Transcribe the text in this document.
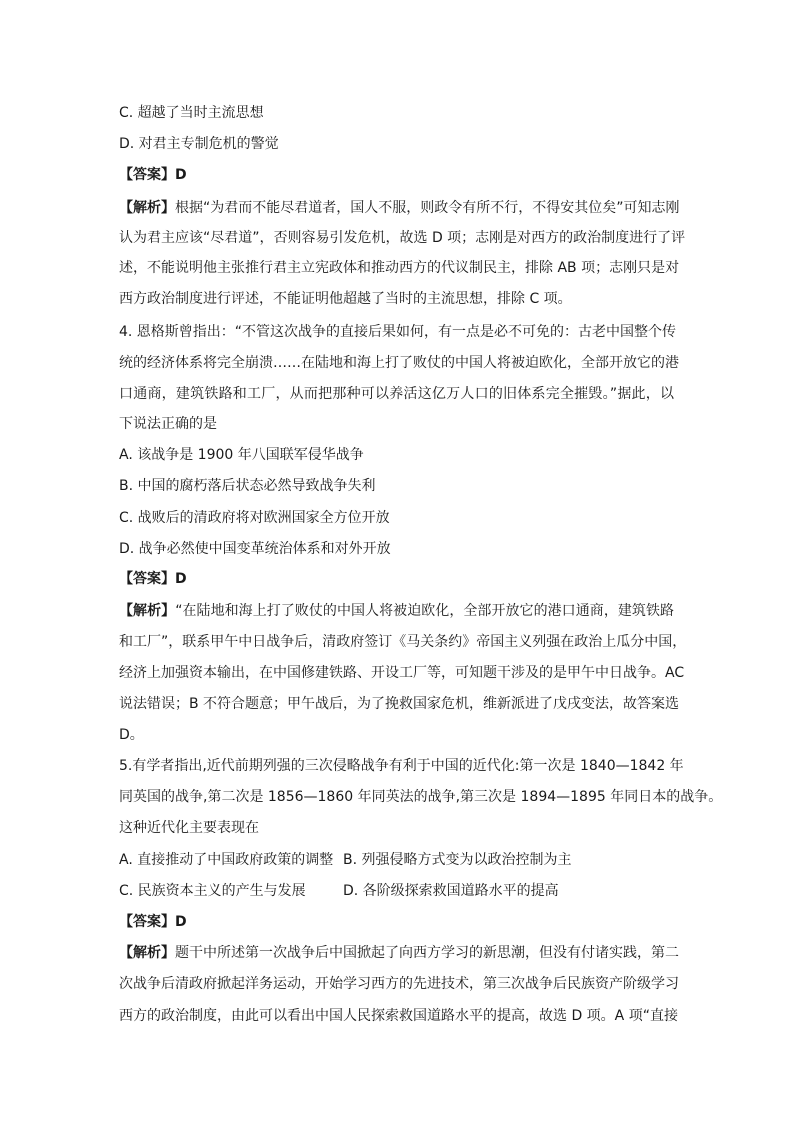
C. 超越了当时主流思想
D. 对君主专制危机的警觉
【答案】D
【解析】根据“为君而不能尽君道者，国人不服，则政令有所不行，不得安其位矣”可知志刚
认为君主应该“尽君道”，否则容易引发危机，故选 D 项；志刚是对西方的政治制度进行了评
述，不能说明他主张推行君主立宪政体和推动西方的代议制民主，排除 AB 项；志刚只是对
西方政治制度进行评述，不能证明他超越了当时的主流思想，排除 C 项。
4. 恩格斯曾指出：“不管这次战争的直接后果如何，有一点是必不可免的：古老中国整个传
统的经济体系将完全崩溃……在陆地和海上打了败仗的中国人将被迫欧化，全部开放它的港
口通商，建筑铁路和工厂，从而把那种可以养活这亿万人口的旧体系完全摧毁。”据此，以
下说法正确的是
A. 该战争是 1900 年八国联军侵华战争
B. 中国的腐朽落后状态必然导致战争失利
C. 战败后的清政府将对欧洲国家全方位开放
D. 战争必然使中国变革统治体系和对外开放
【答案】D
【解析】“在陆地和海上打了败仗的中国人将被迫欧化，全部开放它的港口通商，建筑铁路
和工厂”，联系甲午中日战争后，清政府签订《马关条约》帝国主义列强在政治上瓜分中国，
经济上加强资本输出，在中国修建铁路、开设工厂等，可知题干涉及的是甲午中日战争。AC
说法错误；B 不符合题意；甲午战后，为了挽救国家危机，维新派进了戊戌变法，故答案选
D。
5.有学者指出,近代前期列强的三次侵略战争有利于中国的近代化:第一次是 1840—1842 年
同英国的战争,第二次是 1856—1860 年同英法的战争,第三次是 1894—1895 年同日本的战争。
这种近代化主要表现在
A. 直接推动了中国政府政策的调整 B. 列强侵略方式变为以政治控制为主
C. 民族资本主义的产生与发展	D. 各阶级探索救国道路水平的提高
【答案】D
【解析】题干中所述第一次战争后中国掀起了向西方学习的新思潮，但没有付诸实践，第二
次战争后清政府掀起洋务运动，开始学习西方的先进技术，第三次战争后民族资产阶级学习
西方的政治制度，由此可以看出中国人民探索救国道路水平的提高，故选 D 项。A 项“直接
